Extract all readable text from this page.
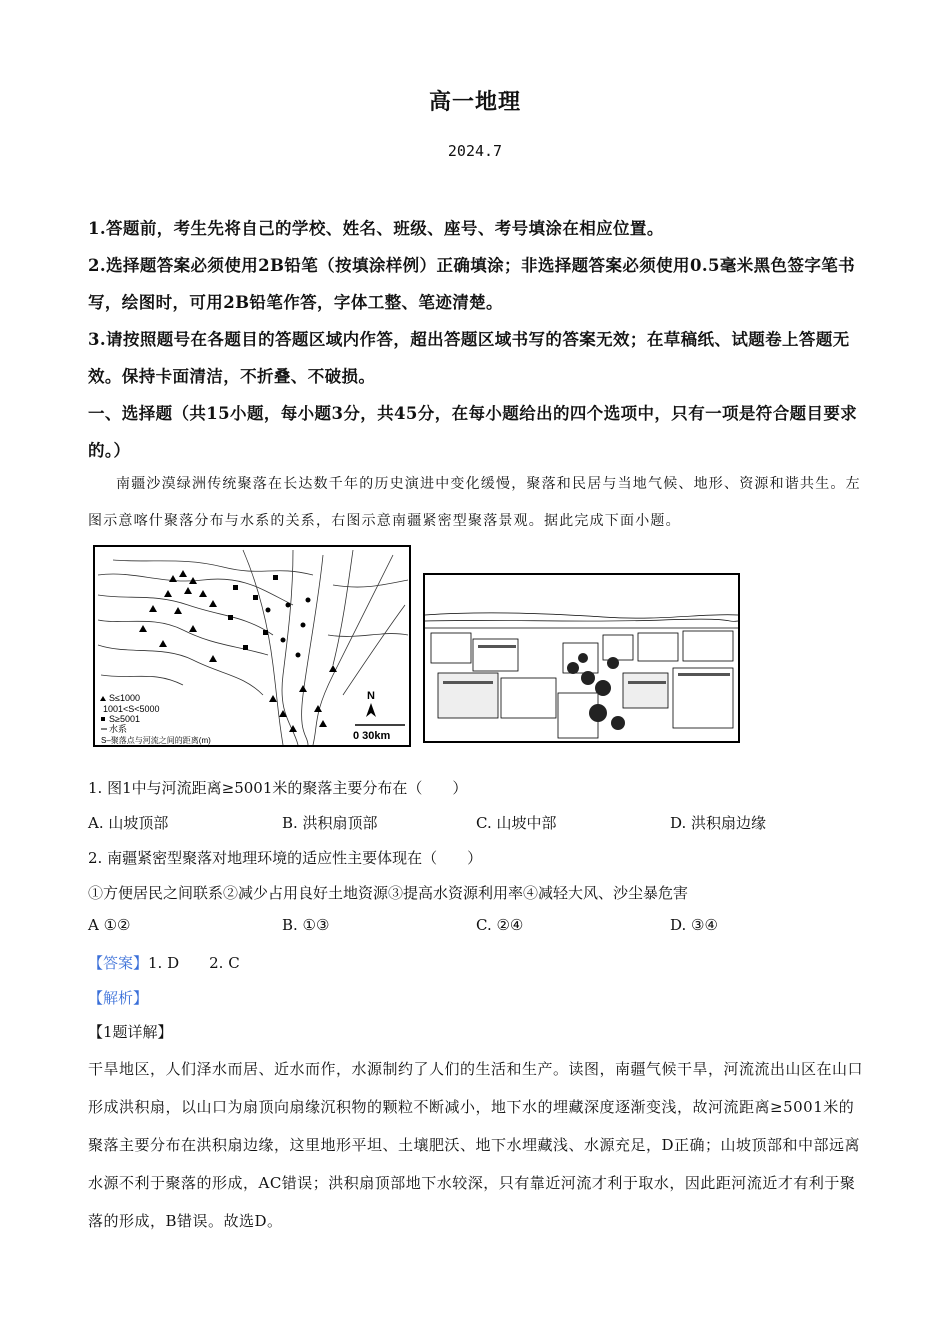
高一地理
2024.7

1.答题前，考生先将自己的学校、姓名、班级、座号、考号填涂在相应位置。

2.选择题答案必须使用2B铅笔（按填涂样例）正确填涂；非选择题答案必须使用0.5毫米黑色签字笔书写，绘图时，可用2B铅笔作答，字体工整、笔迹清楚。

3.请按照题号在各题目的答题区域内作答，超出答题区域书写的答案无效；在草稿纸、试题卷上答题无效。保持卡面清洁，不折叠、不破损。

一、选择题（共15小题，每小题3分，共45分，在每小题给出的四个选项中，只有一项是符合题目要求的。）

南疆沙漠绿洲传统聚落在长达数千年的历史演进中变化缓慢，聚落和民居与当地气候、地形、资源和谐共生。左图示意喀什聚落分布与水系的关系，右图示意南疆紧密型聚落景观。据此完成下面小题。
S≤1000
1001<S<5000
S≥5001
水系
S–聚落点与河流之间的距离(m)
N
0 30km
1. 图1中与河流距离≥5001米的聚落主要分布在（　　）
A. 山坡顶部	B. 洪积扇顶部	C. 山坡中部	D. 洪积扇边缘
2. 南疆紧密型聚落对地理环境的适应性主要体现在（　　）
①方便居民之间联系②减少占用良好土地资源③提高水资源利用率④减轻大风、沙尘暴危害
A ①②	B. ①③	C. ②④	D. ③④
【答案】1. D　　2. C
【解析】
【1题详解】
干旱地区，人们泽水而居、近水而作，水源制约了人们的生活和生产。读图，南疆气候干旱，河流流出山区在山口形成洪积扇，以山口为扇顶向扇缘沉积物的颗粒不断减小，地下水的埋藏深度逐渐变浅，故河流距离≥5001米的聚落主要分布在洪积扇边缘，这里地形平坦、土壤肥沃、地下水埋藏浅、水源充足，D正确；山坡顶部和中部远离水源不利于聚落的形成，AC错误；洪积扇顶部地下水较深，只有靠近河流才利于取水，因此距河流近才有利于聚落的形成，B错误。故选D。
